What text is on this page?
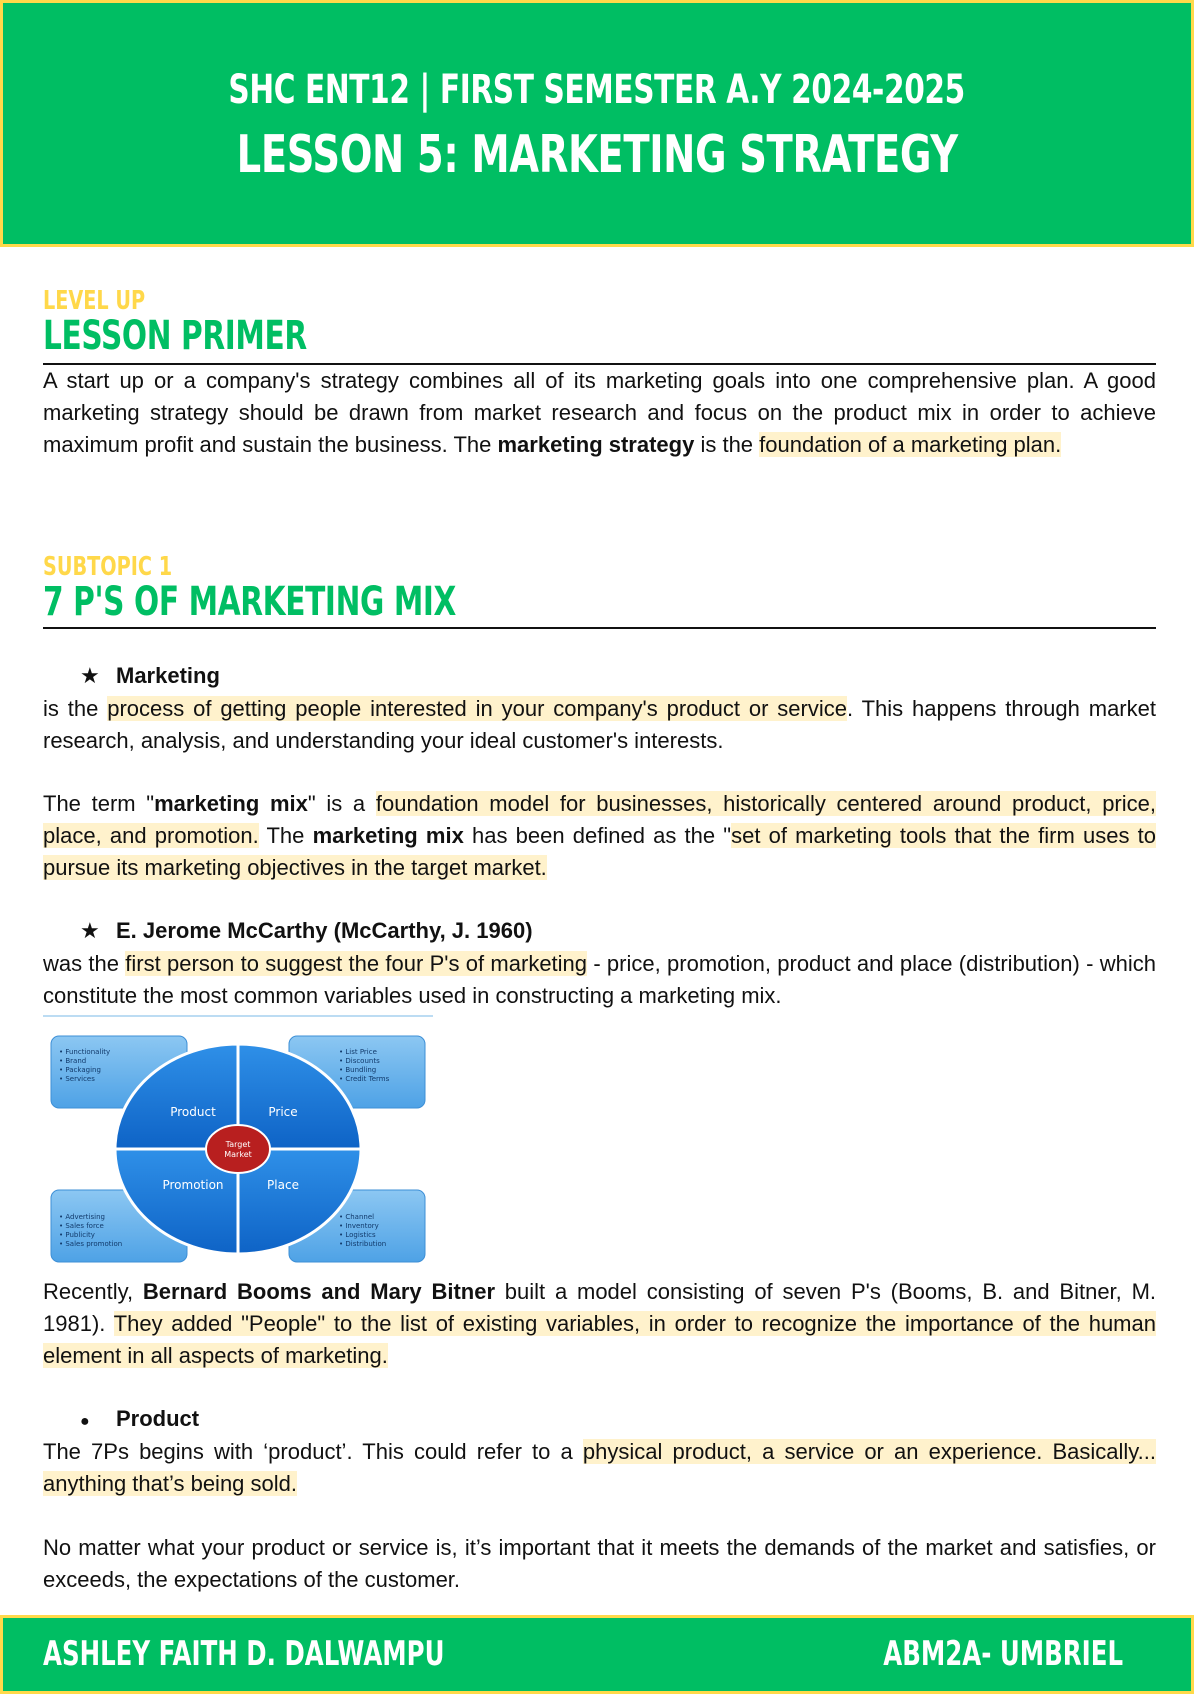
SHC ENT12 | FIRST SEMESTER A.Y 2024-2025
LESSON 5: MARKETING STRATEGY
LEVEL UP
LESSON PRIMER

A start up or a company's strategy combines all of its marketing goals into one comprehensive plan. A good marketing strategy should be drawn from market research and focus on the product mix in order to achieve maximum profit and sustain the business. The marketing strategy is the foundation of a marketing plan.

SUBTOPIC 1
7 P'S OF MARKETING MIX
★ Marketing

is the process of getting people interested in your company's product or service. This happens through market research, analysis, and understanding your ideal customer's interests.

The term "marketing mix" is a foundation model for businesses, historically centered around product, price, place, and promotion. The marketing mix has been defined as the "set of marketing tools that the firm uses to pursue its marketing objectives in the target market.

★ E. Jerome McCarthy (McCarthy, J. 1960)

was the first person to suggest the four P's of marketing - price, promotion, product and place (distribution) - which constitute the most common variables used in constructing a marketing mix.

• Functionality
• Brand
• Packaging
• Services
• List Price
• Discounts
• Bundling
• Credit Terms
• Advertising
• Sales force
• Publicity
• Sales promotion
• Channel
• Inventory
• Logistics
• Distribution
Product	Price
Promotion	Place
Target
Market

Recently, Bernard Booms and Mary Bitner built a model consisting of seven P's (Booms, B. and Bitner, M. 1981). They added "People" to the list of existing variables, in order to recognize the importance of the human element in all aspects of marketing.

● Product

The 7Ps begins with ‘product’. This could refer to a physical product, a service or an experience. Basically... anything that’s being sold.

No matter what your product or service is, it’s important that it meets the demands of the market and satisfies, or exceeds, the expectations of the customer.

ASHLEY FAITH D. DALWAMPU	ABM2A- UMBRIEL
